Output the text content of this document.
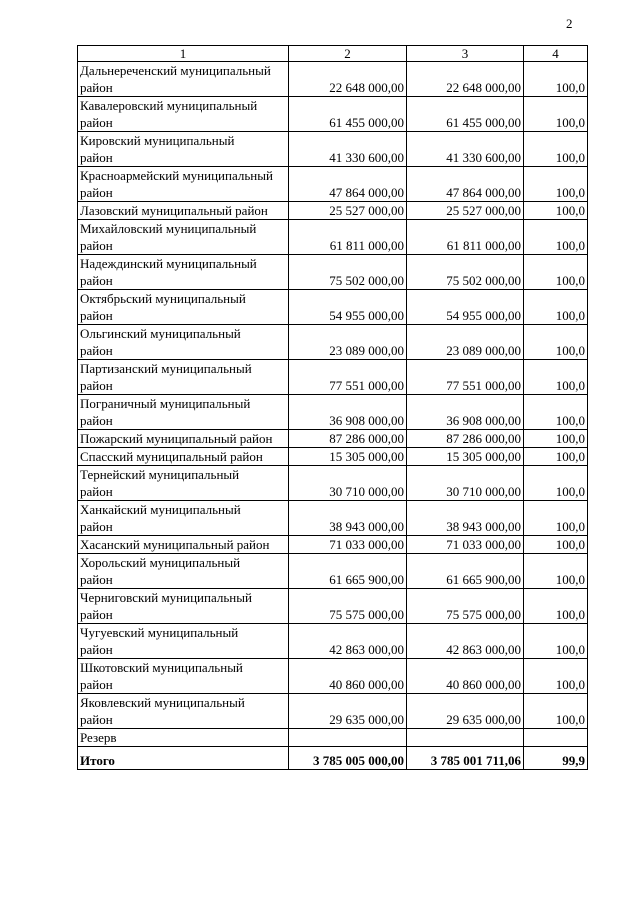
2
1	2	3	4

Дальнереченский муниципальный
район	22 648 000,00	22 648 000,00	100,0

Кавалеровский муниципальный
район	61 455 000,00	61 455 000,00	100,0

Кировский муниципальный
район	41 330 600,00	41 330 600,00	100,0

Красноармейский муниципальный
район	47 864 000,00	47 864 000,00	100,0

Лазовский муниципальный район	25 527 000,00	25 527 000,00	100,0

Михайловский муниципальный
район	61 811 000,00	61 811 000,00	100,0

Надеждинский муниципальный
район	75 502 000,00	75 502 000,00	100,0

Октябрьский муниципальный
район	54 955 000,00	54 955 000,00	100,0

Ольгинский муниципальный
район	23 089 000,00	23 089 000,00	100,0

Партизанский муниципальный
район	77 551 000,00	77 551 000,00	100,0

Пограничный муниципальный
район	36 908 000,00	36 908 000,00	100,0

Пожарский муниципальный район	87 286 000,00	87 286 000,00	100,0

Спасский муниципальный район	15 305 000,00	15 305 000,00	100,0

Тернейский муниципальный
район	30 710 000,00	30 710 000,00	100,0

Ханкайский муниципальный
район	38 943 000,00	38 943 000,00	100,0

Хасанский муниципальный район	71 033 000,00	71 033 000,00	100,0

Хорольский муниципальный
район	61 665 900,00	61 665 900,00	100,0

Черниговский муниципальный
район	75 575 000,00	75 575 000,00	100,0

Чугуевский муниципальный
район	42 863 000,00	42 863 000,00	100,0

Шкотовский муниципальный
район	40 860 000,00	40 860 000,00	100,0

Яковлевский муниципальный
район	29 635 000,00	29 635 000,00	100,0

Резерв			

Итого	3 785 005 000,00	3 785 001 711,06	99,9
